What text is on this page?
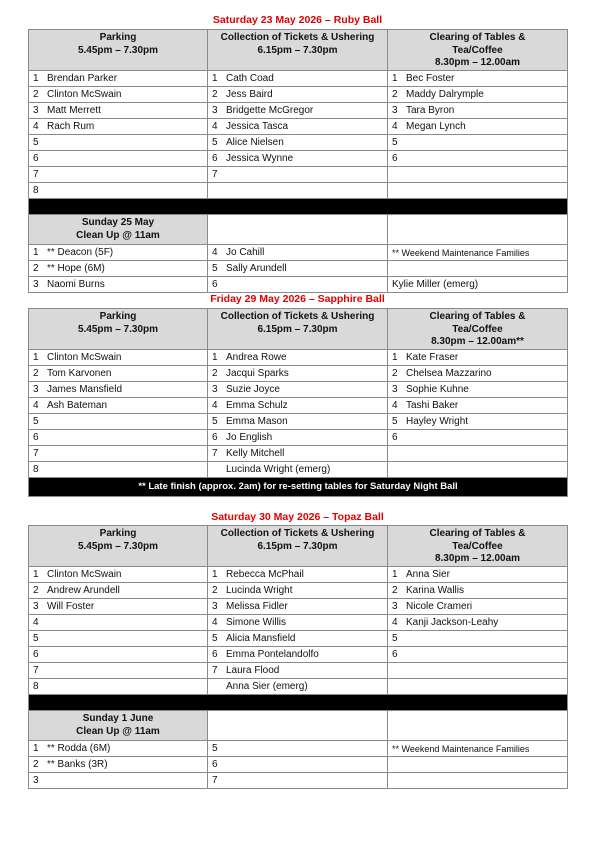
Saturday 23 May 2026 – Ruby Ball
Parking
5.45pm – 7.30pm	Collection of Tickets & Ushering
6.15pm – 7.30pm	Clearing of Tables &
Tea/Coffee
8.30pm – 12.00am
1 Brendan Parker	1 Cath Coad	1 Bec Foster
2 Clinton McSwain	2 Jess Baird	2 Maddy Dalrymple
3 Matt Merrett	3 Bridgette McGregor	3 Tara Byron
4 Rach Rum	4 Jessica Tasca	4 Megan Lynch
5	5 Alice Nielsen	5
6	6 Jessica Wynne	6
7	7	
8		

Sunday 25 May
Clean Up @ 11am		
1 ** Deacon (5F)	4 Jo Cahill	** Weekend Maintenance Families
2 ** Hope (6M)	5 Sally Arundell	
3 Naomi Burns	6	Kylie Miller (emerg)
Friday 29 May 2026 – Sapphire Ball
Parking
5.45pm – 7.30pm	Collection of Tickets & Ushering
6.15pm – 7.30pm	Clearing of Tables &
Tea/Coffee
8.30pm – 12.00am**
1 Clinton McSwain	1 Andrea Rowe	1 Kate Fraser
2 Tom Karvonen	2 Jacqui Sparks	2 Chelsea Mazzarino
3 James Mansfield	3 Suzie Joyce	3 Sophie Kuhne
4 Ash Bateman	4 Emma Schulz	4 Tashi Baker
5	5 Emma Mason	5 Hayley Wright
6	6 Jo English	6
7	7 Kelly Mitchell	
8	Lucinda Wright (emerg)	
** Late finish (approx. 2am) for re-setting tables for Saturday Night Ball		
Saturday 30 May 2026 – Topaz Ball
Parking
5.45pm – 7.30pm	Collection of Tickets & Ushering
6.15pm – 7.30pm	Clearing of Tables &
Tea/Coffee
8.30pm – 12.00am
1 Clinton McSwain	1 Rebecca McPhail	1 Anna Sier
2 Andrew Arundell	2 Lucinda Wright	2 Karina Wallis
3 Will Foster	3 Melissa Fidler	3 Nicole Crameri
4	4 Simone Willis	4 Kanji Jackson-Leahy
5	5 Alicia Mansfield	5
6	6 Emma Pontelandolfo	6
7	7 Laura Flood	
8	Anna Sier (emerg)	

Sunday 1 June
Clean Up @ 11am		
1 ** Rodda (6M)	5	** Weekend Maintenance Families
2 ** Banks (3R)	6	
3	7	
